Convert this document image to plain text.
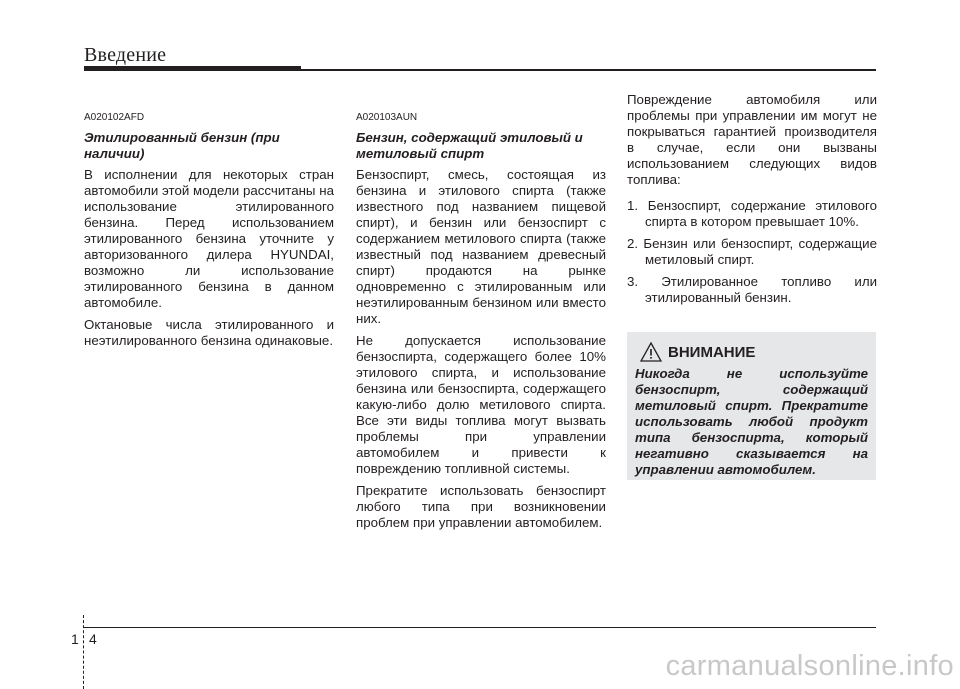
Введение
A020102AFD
Этилированный бензин (при наличии)

В исполнении для некоторых стран автомобили этой модели рассчитаны на использование этилированного бензина. Перед использованием этилированного бензина уточните у авторизованного дилера HYUNDAI, возможно ли использование этилированного бензина в данном автомобиле.

Октановые числа этилированного и неэтилированного бензина одинаковые.

A020103AUN
Бензин, содержащий этиловый и метиловый спирт

Бензоспирт, смесь, состоящая из бензина и этилового спирта (также известного под названием пищевой спирт), и бензин или бензоспирт с содержанием метилового спирта (также известный под названием древесный спирт) продаются на рынке одновременно с этилированным или неэтилированным бензином или вместо них.

Не допускается использование бензоспирта, содержащего более 10% этилового спирта, и использование бензина или бензоспирта, содержащего какую-либо долю метилового спирта. Все эти виды топлива могут вызвать проблемы при управлении автомобилем и привести к повреждению топливной системы.

Прекратите использовать бензоспирт любого типа при возникновении проблем при управлении автомобилем.

Повреждение автомобиля или проблемы при управлении им могут не покрываться гарантией производителя в случае, если они вызваны использованием следующих видов топлива:

1. Бензоспирт, содержание этилового спирта в котором превышает 10%.
2. Бензин или бензоспирт, содержащие метиловый спирт.
3. Этилированное топливо или этилированный бензин.
ВНИМАНИЕ
Никогда не используйте бензоспирт, содержащий метиловый спирт. Прекратите использовать любой продукт типа бензоспирта, который негативно сказывается на управлении автомобилем.
1 4
carmanualsonline.info
